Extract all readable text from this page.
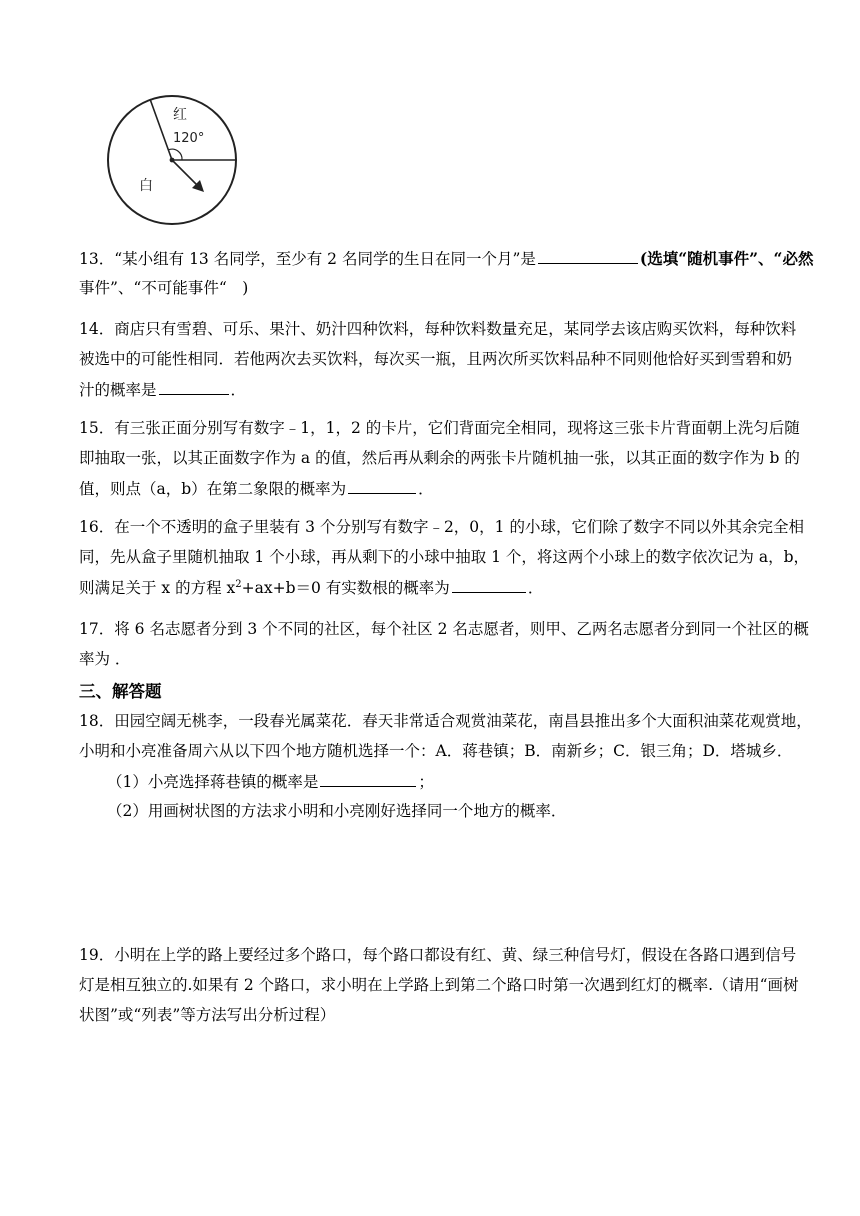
红
120°
白
13．“某小组有 13 名同学，至少有 2 名同学的生日在同一个月”是	(选填“随机事件”、“必然
事件”、“不可能事件“　)
14．商店只有雪碧、可乐、果汁、奶汁四种饮料，每种饮料数量充足，某同学去该店购买饮料，每种饮料
被选中的可能性相同．若他两次去买饮料，每次买一瓶，且两次所买饮料品种不同则他恰好买到雪碧和奶
汁的概率是	．
15．有三张正面分别写有数字﹣1，1，2 的卡片，它们背面完全相同，现将这三张卡片背面朝上洗匀后随
即抽取一张，以其正面数字作为 a 的值，然后再从剩余的两张卡片随机抽一张，以其正面的数字作为 b 的
值，则点（a，b）在第二象限的概率为	．
16．在一个不透明的盒子里装有 3 个分别写有数字﹣2，0，1 的小球，它们除了数字不同以外其余完全相
同，先从盒子里随机抽取 1 个小球，再从剩下的小球中抽取 1 个，将这两个小球上的数字依次记为 a，b，
则满足关于 x 的方程 $x^2+ax+b=0$ 有实数根的概率为	．
17．将 6 名志愿者分到 3 个不同的社区，每个社区 2 名志愿者，则甲、乙两名志愿者分到同一个社区的概
率为 ．
三、解答题
18．田园空阔无桃李，一段春光属菜花．春天非常适合观赏油菜花，南昌县推出多个大面积油菜花观赏地，
小明和小亮准备周六从以下四个地方随机选择一个：A．蒋巷镇；B．南新乡；C．银三角；D．塔城乡．
（1）小亮选择蒋巷镇的概率是	；
（2）用画树状图的方法求小明和小亮刚好选择同一个地方的概率．
19．小明在上学的路上要经过多个路口，每个路口都设有红、黄、绿三种信号灯，假设在各路口遇到信号
灯是相互独立的.如果有 2 个路口，求小明在上学路上到第二个路口时第一次遇到红灯的概率.（请用“画树
状图”或“列表”等方法写出分析过程）
